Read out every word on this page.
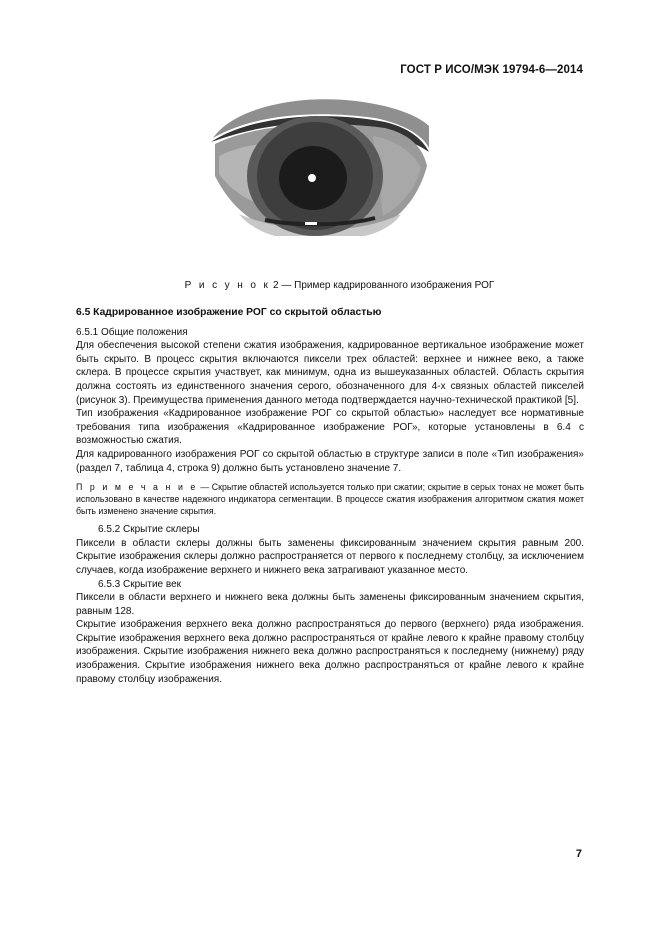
ГОСТ Р ИСО/МЭК 19794-6—2014
Р и с у н о к 2 — Пример кадрированного изображения РОГ

6.5 Кадрированное изображение РОГ со скрытой областью

6.5.1 Общие положения

Для обеспечения высокой степени сжатия изображения, кадрированное вертикальное изображение может быть скрыто. В процесс скрытия включаются пиксели трех областей: верхнее и нижнее веко, а также склера. В процессе скрытия участвует, как минимум, одна из вышеуказанных областей. Область скрытия должна состоять из единственного значения серого, обозначенного для 4-х связных областей пикселей (рисунок 3). Преимущества применения данного метода подтверждается научно-технической практикой [5].

Тип изображения «Кадрированное изображение РОГ со скрытой областью» наследует все нормативные требования типа изображения «Кадрированное изображение РОГ», которые установлены в 6.4 с возможностью сжатия.

Для кадрированного изображения РОГ со скрытой областью в структуре записи в поле «Тип изображения» (раздел 7, таблица 4, строка 9) должно быть установлено значение 7.

П р и м е ч а н и е — Скрытие областей используется только при сжатии; скрытие в серых тонах не может быть использовано в качестве надежного индикатора сегментации. В процессе сжатия изображения алгоритмом сжатия может быть изменено значение скрытия.

6.5.2 Скрытие склеры

Пиксели в области склеры должны быть заменены фиксированным значением скрытия равным 200. Скрытие изображения склеры должно распространяется от первого к последнему столбцу, за исключением случаев, когда изображение верхнего и нижнего века затрагивают указанное место.

6.5.3 Скрытие век

Пиксели в области верхнего и нижнего века должны быть заменены фиксированным значением скрытия, равным 128.

Скрытие изображения верхнего века должно распространяться до первого (верхнего) ряда изображения. Скрытие изображения верхнего века должно распространяться от крайне левого к крайне правому столбцу изображения. Скрытие изображения нижнего века должно распространяться к последнему (нижнему) ряду изображения. Скрытие изображения нижнего века должно распространяться от крайне левого к крайне правому столбцу изображения.

7
